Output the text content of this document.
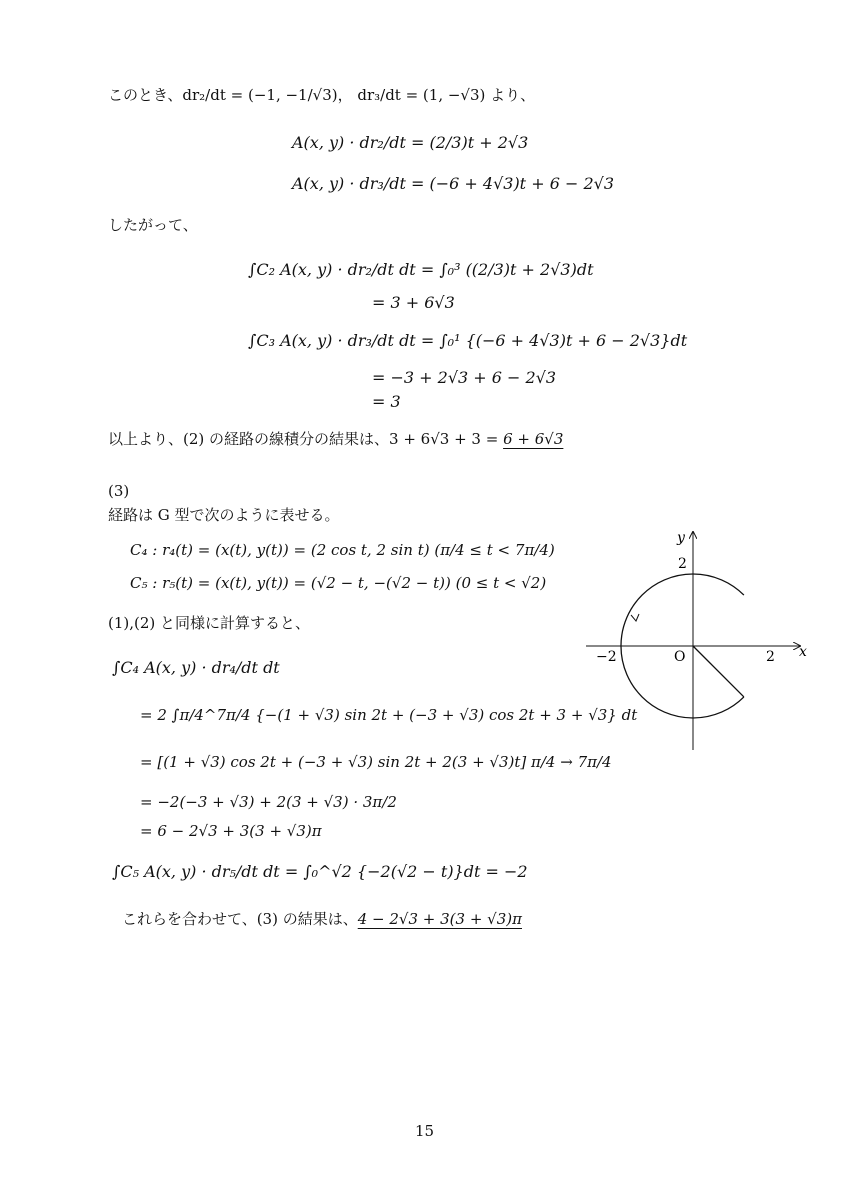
このとき、dr₂/dt = (−1, −1/√3)， dr₃/dt = (1, −√3) より、
A(x, y) · dr₂/dt = (2/3)t + 2√3
A(x, y) · dr₃/dt = (−6 + 4√3)t + 6 − 2√3
したがって、
∫C₂ A(x, y) · dr₂/dt dt = ∫₀³ ((2/3)t + 2√3)dt
= 3 + 6√3
∫C₃ A(x, y) · dr₃/dt dt = ∫₀¹ {(−6 + 4√3)t + 6 − 2√3}dt
= −3 + 2√3 + 6 − 2√3
= 3
以上より、(2) の経路の線積分の結果は、3 + 6√3 + 3 = 6 + 6√3
(3)
経路は G 型で次のように表せる。
C₄ : r₄(t) = (x(t), y(t)) = (2 cos t, 2 sin t) (π/4 ≤ t < 7π/4)
C₅ : r₅(t) = (x(t), y(t)) = (√2 − t, −(√2 − t)) (0 ≤ t < √2)
(1),(2) と同様に計算すると、
∫C₄ A(x, y) · dr₄/dt dt
= 2 ∫π/4^7π/4 {−(1 + √3) sin 2t + (−3 + √3) cos 2t + 3 + √3} dt
= [(1 + √3) cos 2t + (−3 + √3) sin 2t + 2(3 + √3)t] π/4 → 7π/4
= −2(−3 + √3) + 2(3 + √3) · 3π/2
= 6 − 2√3 + 3(3 + √3)π
∫C₅ A(x, y) · dr₅/dt dt = ∫₀^√2 {−2(√2 − t)}dt = −2
これらを合わせて、(3) の結果は、4 − 2√3 + 3(3 + √3)π
x
y
O
−2	2
2
15
